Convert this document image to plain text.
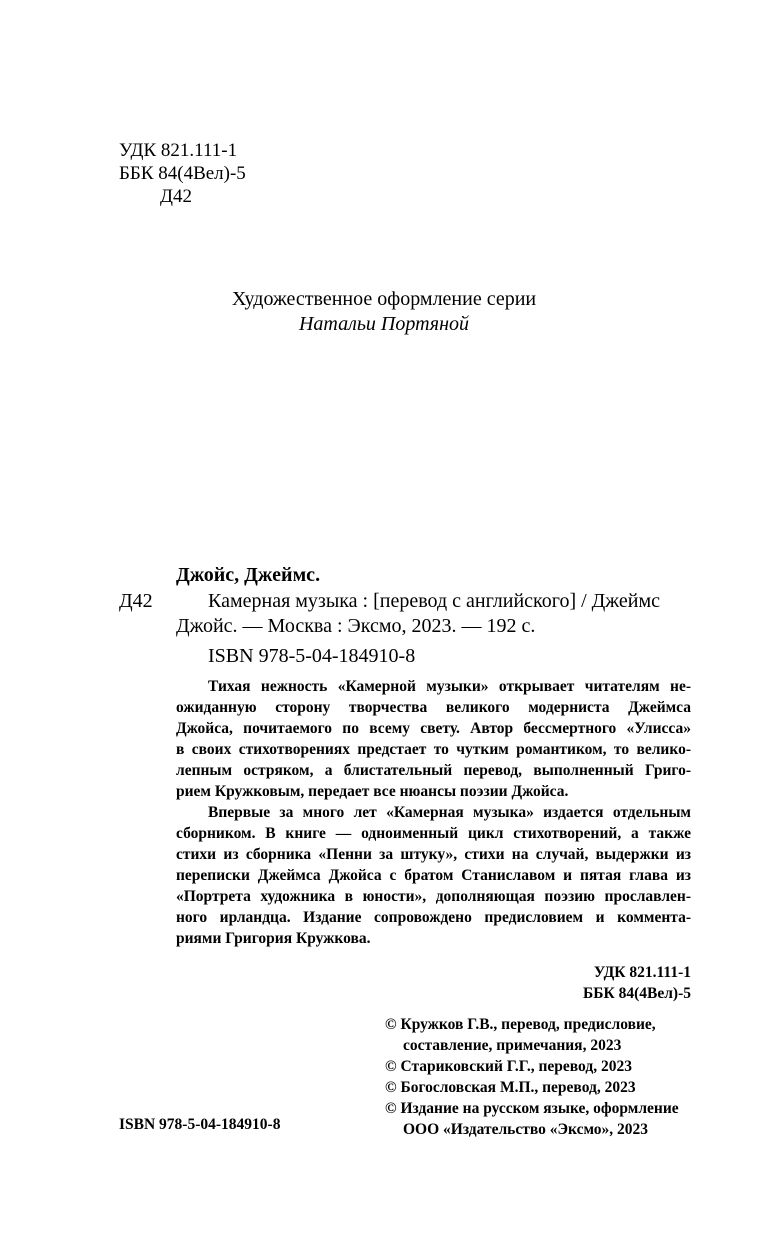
УДК 821.111-1
ББК 84(4Вел)-5
Д42
Художественное оформление серии
Натальи Портяной
Джойс, Джеймс.
Д42	Камерная музыка : [перевод с английского] / Джеймс
Джойс. — Москва : Эксмо, 2023. — 192 с.
ISBN 978-5-04-184910-8
Тихая нежность «Камерной музыки» открывает читателям не-
ожиданную сторону творчества великого модерниста Джеймса
Джойса, почитаемого по всему свету. Автор бессмертного «Улисса»
в своих стихотворениях предстает то чутким романтиком, то велико-
лепным остряком, а блистательный перевод, выполненный Григо-
рием Кружковым, передает все нюансы поэзии Джойса.
Впервые за много лет «Камерная музыка» издается отдельным
сборником. В книге — одноименный цикл стихотворений, а также
стихи из сборника «Пенни за штуку», стихи на случай, выдержки из
переписки Джеймса Джойса с братом Станиславом и пятая глава из
«Портрета художника в юности», дополняющая поэзию прославлен-
ного ирландца. Издание сопровождено предисловием и коммента-
риями Григория Кружкова.
УДК 821.111-1
ББК 84(4Вел)-5
© Кружков Г.В., перевод, предисловие,
составление, примечания, 2023
© Стариковский Г.Г., перевод, 2023
© Богословская М.П., перевод, 2023
© Издание на русском языке, оформление
ООО «Издательство «Эксмо», 2023
ISBN 978-5-04-184910-8
